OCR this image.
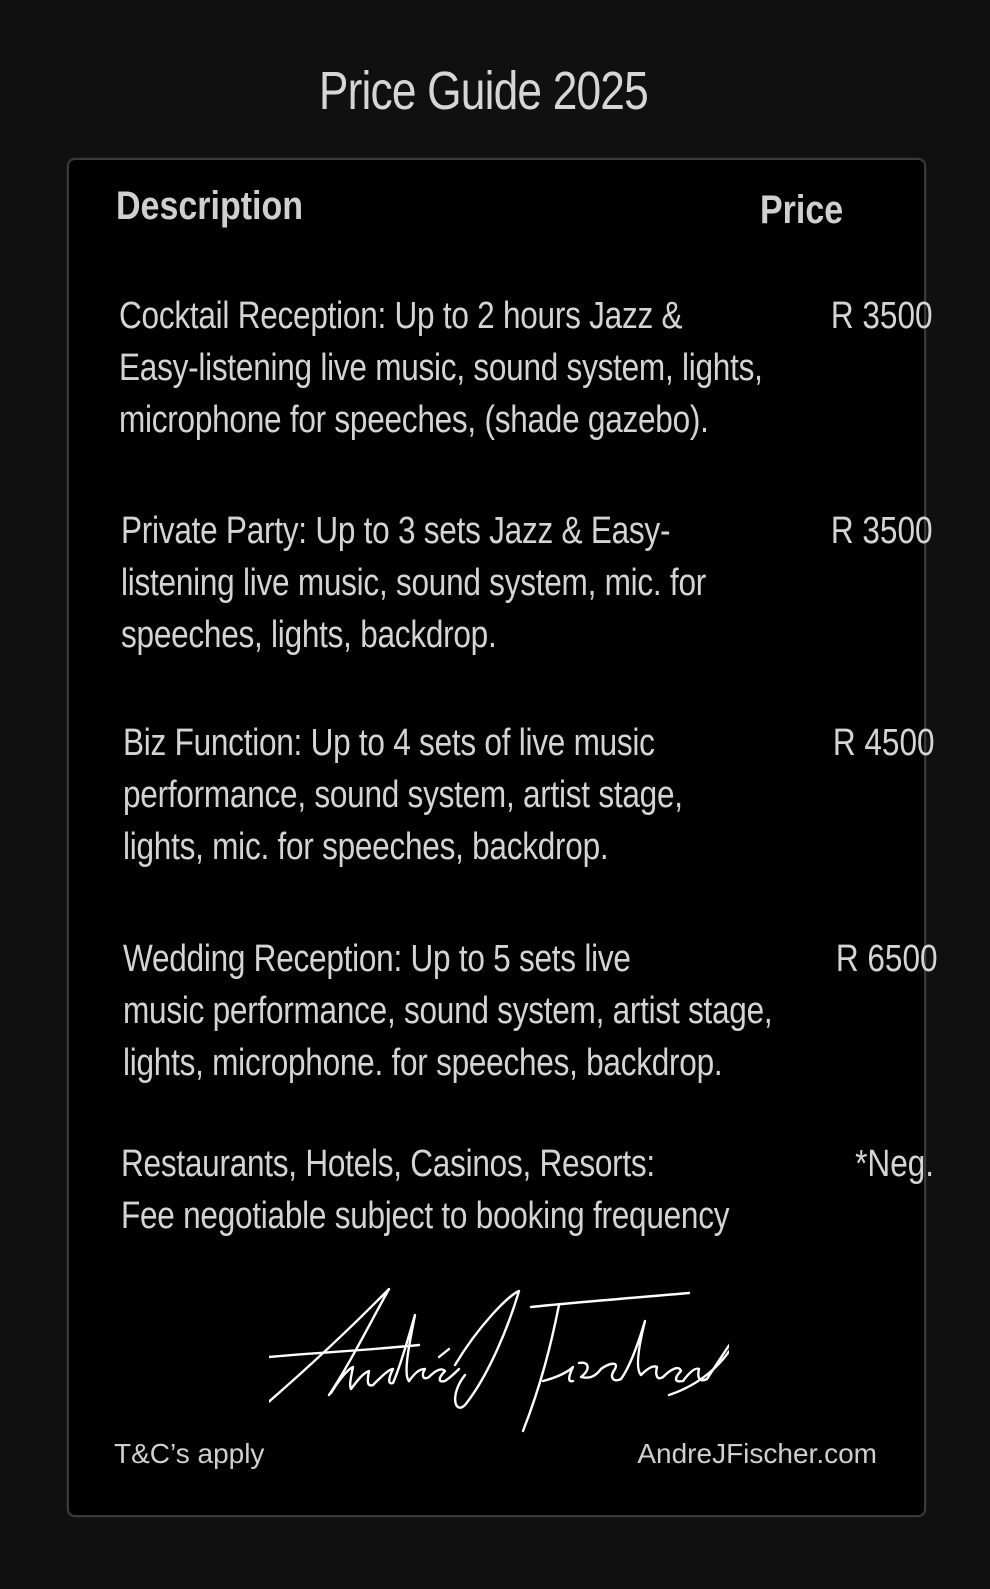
Price Guide 2025
Description	Price
Cocktail Reception: Up to 2 hours Jazz &
Easy-listening live music, sound system, lights,
microphone for speeches, (shade gazebo).
R 3500
Private Party: Up to 3 sets Jazz & Easy-
listening live music, sound system, mic. for
speeches, lights, backdrop.
R 3500
Biz Function: Up to 4 sets of live music
performance, sound system, artist stage,
lights, mic. for speeches, backdrop.
R 4500
Wedding Reception: Up to 5 sets live
music performance, sound system, artist stage,
lights, microphone. for speeches, backdrop.
R 6500
Restaurants, Hotels, Casinos, Resorts:
Fee negotiable subject to booking frequency
*Neg.
T&C’s apply	AndreJFischer.com
